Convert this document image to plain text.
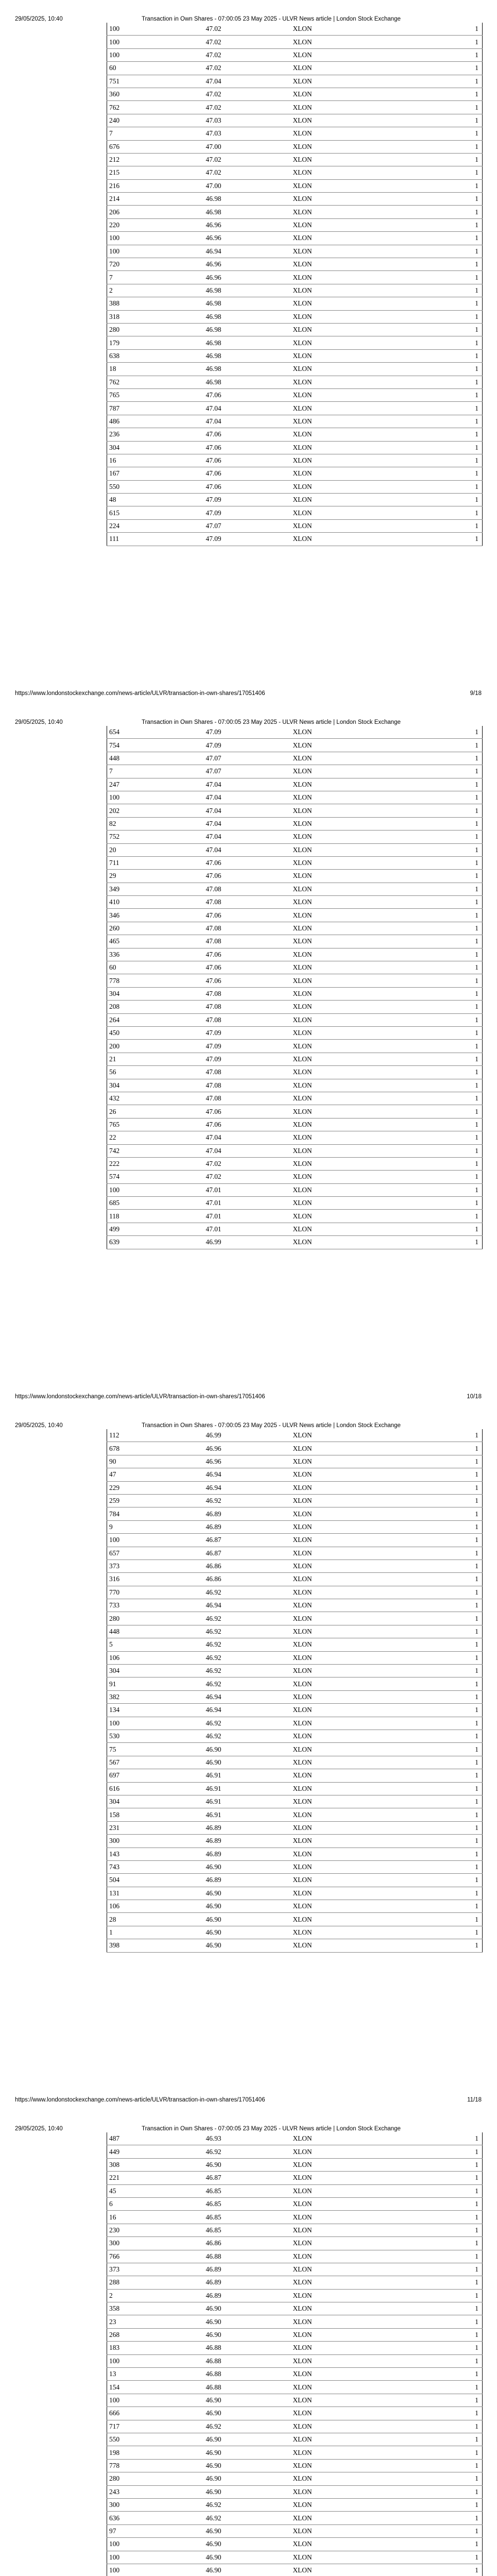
29/05/2025, 10:40	Transaction in Own Shares - 07:00:05 23 May 2025 - ULVR News article | London Stock Exchange
100	47.02	XLON	1
100	47.02	XLON	1
100	47.02	XLON	1
60	47.02	XLON	1
751	47.04	XLON	1
360	47.02	XLON	1
762	47.02	XLON	1
240	47.03	XLON	1
7	47.03	XLON	1
676	47.00	XLON	1
212	47.02	XLON	1
215	47.02	XLON	1
216	47.00	XLON	1
214	46.98	XLON	1
206	46.98	XLON	1
220	46.96	XLON	1
100	46.96	XLON	1
100	46.94	XLON	1
720	46.96	XLON	1
7	46.96	XLON	1
2	46.98	XLON	1
388	46.98	XLON	1
318	46.98	XLON	1
280	46.98	XLON	1
179	46.98	XLON	1
638	46.98	XLON	1
18	46.98	XLON	1
762	46.98	XLON	1
765	47.06	XLON	1
787	47.04	XLON	1
486	47.04	XLON	1
236	47.06	XLON	1
304	47.06	XLON	1
16	47.06	XLON	1
167	47.06	XLON	1
550	47.06	XLON	1
48	47.09	XLON	1
615	47.09	XLON	1
224	47.07	XLON	1
111	47.09	XLON	1
https://www.londonstockexchange.com/news-article/ULVR/transaction-in-own-shares/17051406	9/18
29/05/2025, 10:40	Transaction in Own Shares - 07:00:05 23 May 2025 - ULVR News article | London Stock Exchange
654	47.09	XLON	1
754	47.09	XLON	1
448	47.07	XLON	1
7	47.07	XLON	1
247	47.04	XLON	1
100	47.04	XLON	1
202	47.04	XLON	1
82	47.04	XLON	1
752	47.04	XLON	1
20	47.04	XLON	1
711	47.06	XLON	1
29	47.06	XLON	1
349	47.08	XLON	1
410	47.08	XLON	1
346	47.06	XLON	1
260	47.08	XLON	1
465	47.08	XLON	1
336	47.06	XLON	1
60	47.06	XLON	1
778	47.06	XLON	1
304	47.08	XLON	1
208	47.08	XLON	1
264	47.08	XLON	1
450	47.09	XLON	1
200	47.09	XLON	1
21	47.09	XLON	1
56	47.08	XLON	1
304	47.08	XLON	1
432	47.08	XLON	1
26	47.06	XLON	1
765	47.06	XLON	1
22	47.04	XLON	1
742	47.04	XLON	1
222	47.02	XLON	1
574	47.02	XLON	1
100	47.01	XLON	1
685	47.01	XLON	1
118	47.01	XLON	1
499	47.01	XLON	1
639	46.99	XLON	1
https://www.londonstockexchange.com/news-article/ULVR/transaction-in-own-shares/17051406	10/18
29/05/2025, 10:40	Transaction in Own Shares - 07:00:05 23 May 2025 - ULVR News article | London Stock Exchange
112	46.99	XLON	1
678	46.96	XLON	1
90	46.96	XLON	1
47	46.94	XLON	1
229	46.94	XLON	1
259	46.92	XLON	1
784	46.89	XLON	1
9	46.89	XLON	1
100	46.87	XLON	1
657	46.87	XLON	1
373	46.86	XLON	1
316	46.86	XLON	1
770	46.92	XLON	1
733	46.94	XLON	1
280	46.92	XLON	1
448	46.92	XLON	1
5	46.92	XLON	1
106	46.92	XLON	1
304	46.92	XLON	1
91	46.92	XLON	1
382	46.94	XLON	1
134	46.94	XLON	1
100	46.92	XLON	1
530	46.92	XLON	1
75	46.90	XLON	1
567	46.90	XLON	1
697	46.91	XLON	1
616	46.91	XLON	1
304	46.91	XLON	1
158	46.91	XLON	1
231	46.89	XLON	1
300	46.89	XLON	1
143	46.89	XLON	1
743	46.90	XLON	1
504	46.89	XLON	1
131	46.90	XLON	1
106	46.90	XLON	1
28	46.90	XLON	1
1	46.90	XLON	1
398	46.90	XLON	1
https://www.londonstockexchange.com/news-article/ULVR/transaction-in-own-shares/17051406	11/18
29/05/2025, 10:40	Transaction in Own Shares - 07:00:05 23 May 2025 - ULVR News article | London Stock Exchange
487	46.93	XLON	1
449	46.92	XLON	1
308	46.90	XLON	1
221	46.87	XLON	1
45	46.85	XLON	1
6	46.85	XLON	1
16	46.85	XLON	1
230	46.85	XLON	1
300	46.86	XLON	1
766	46.88	XLON	1
373	46.89	XLON	1
288	46.89	XLON	1
2	46.89	XLON	1
358	46.90	XLON	1
23	46.90	XLON	1
268	46.90	XLON	1
183	46.88	XLON	1
100	46.88	XLON	1
13	46.88	XLON	1
154	46.88	XLON	1
100	46.90	XLON	1
666	46.90	XLON	1
717	46.92	XLON	1
550	46.90	XLON	1
198	46.90	XLON	1
778	46.90	XLON	1
280	46.90	XLON	1
243	46.90	XLON	1
300	46.92	XLON	1
636	46.92	XLON	1
97	46.90	XLON	1
100	46.90	XLON	1
100	46.90	XLON	1
100	46.90	XLON	1
